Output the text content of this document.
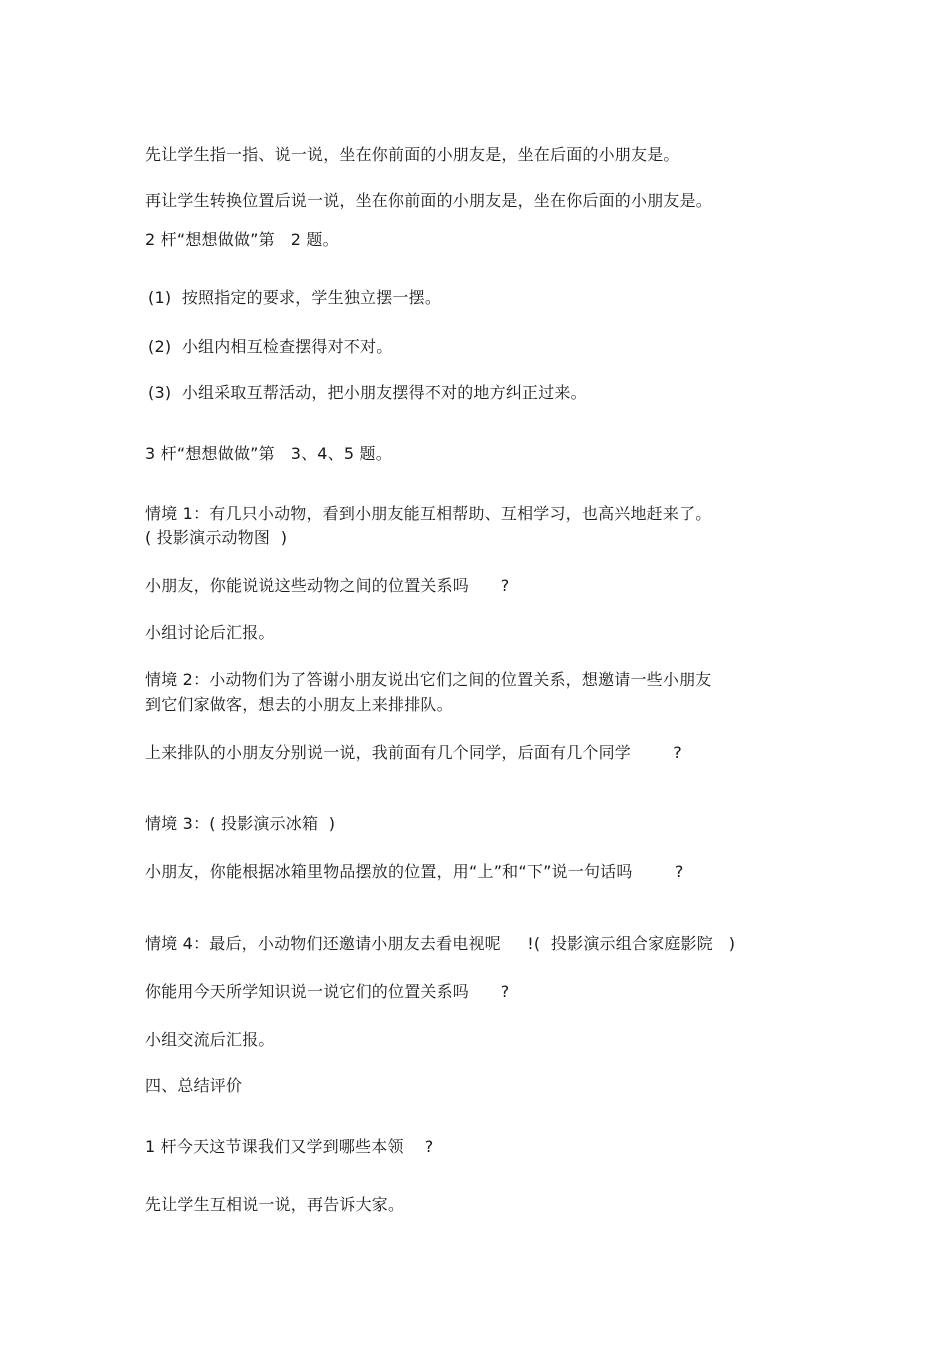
先让学生指一指、说一说，坐在你前面的小朋友是，坐在后面的小朋友是。
再让学生转换位置后说一说，坐在你前面的小朋友是，坐在你后面的小朋友是。
2 杆“想想做做”第   2 题。
(1)  按照指定的要求，学生独立摆一摆。
(2)  小组内相互检查摆得对不对。
(3)  小组采取互帮活动，把小朋友摆得不对的地方纠正过来。
3 杆“想想做做”第   3、4、5 题。
情境 1：有几只小动物，看到小朋友能互相帮助、互相学习，也高兴地赶来了。
( 投影演示动物图  )
小朋友，你能说说这些动物之间的位置关系吗      ?
小组讨论后汇报。
情境 2：小动物们为了答谢小朋友说出它们之间的位置关系，想邀请一些小朋友
到它们家做客，想去的小朋友上来排排队。
上来排队的小朋友分别说一说，我前面有几个同学，后面有几个同学        ?
情境 3：( 投影演示冰箱  )
小朋友，你能根据冰箱里物品摆放的位置，用“上”和“下”说一句话吗        ?
情境 4：最后，小动物们还邀请小朋友去看电视呢     !(  投影演示组合家庭影院   )
你能用今天所学知识说一说它们的位置关系吗      ?
小组交流后汇报。
四、总结评价
1 杆今天这节课我们又学到哪些本领    ?
先让学生互相说一说，再告诉大家。
